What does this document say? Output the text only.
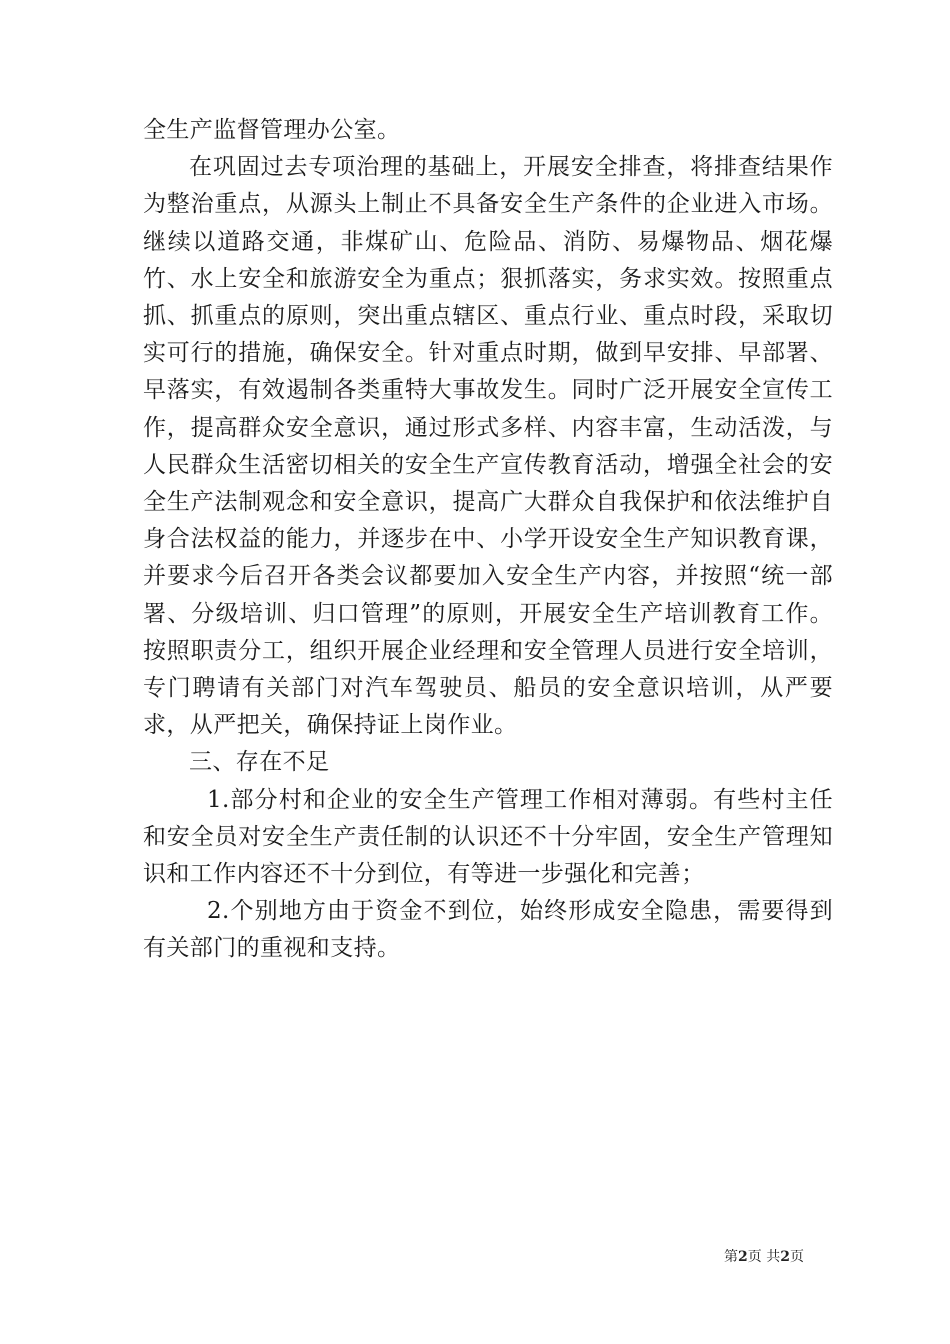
全生产监督管理办公室。

在巩固过去专项治理的基础上，开展安全排查，将排查结果作为整治重点，从源头上制止不具备安全生产条件的企业进入市场。继续以道路交通，非煤矿山、危险品、消防、易爆物品、烟花爆竹、水上安全和旅游安全为重点；狠抓落实，务求实效。按照重点抓、抓重点的原则，突出重点辖区、重点行业、重点时段，采取切实可行的措施，确保安全。针对重点时期，做到早安排、早部署、早落实，有效遏制各类重特大事故发生。同时广泛开展安全宣传工作，提高群众安全意识，通过形式多样、内容丰富，生动活泼，与人民群众生活密切相关的安全生产宣传教育活动，增强全社会的安全生产法制观念和安全意识，提高广大群众自我保护和依法维护自身合法权益的能力，并逐步在中、小学开设安全生产知识教育课，并要求今后召开各类会议都要加入安全生产内容，并按照“统一部署、分级培训、归口管理”的原则，开展安全生产培训教育工作。按照职责分工，组织开展企业经理和安全管理人员进行安全培训，专门聘请有关部门对汽车驾驶员、船员的安全意识培训，从严要求，从严把关，确保持证上岗作业。

三、存在不足

1.部分村和企业的安全生产管理工作相对薄弱。有些村主任和安全员对安全生产责任制的认识还不十分牢固，安全生产管理知识和工作内容还不十分到位，有等进一步强化和完善；

2.个别地方由于资金不到位，始终形成安全隐患，需要得到有关部门的重视和支持。

第2页 共2页
